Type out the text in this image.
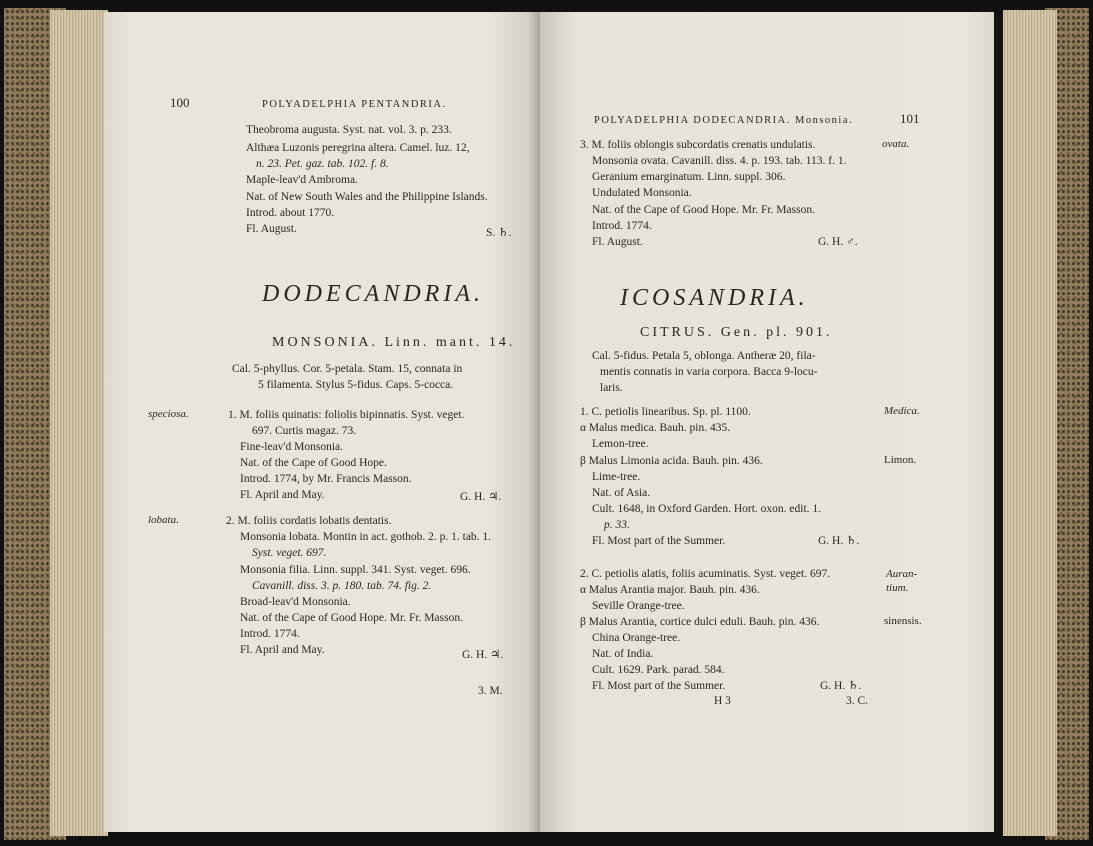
100	POLYADELPHIA PENTANDRIA.
Theobroma augusta. Syst. nat. vol. 3. p. 233.
Althæa Luzonis peregrina altera. Camel. luz. 12,
n. 23. Pet. gaz. tab. 102. f. 8.
Maple-leav'd Ambroma.
Nat. of New South Wales and the Philippine Islands.
Introd. about 1770.
Fl. August.	S. ♄.
DODECANDRIA.
MONSONIA. Linn. mant. 14.
Cal. 5-phyllus. Cor. 5-petala. Stam. 15, connata in
5 filamenta. Stylus 5-fidus. Caps. 5-cocca.
speciosa.	1. M. foliis quinatis: foliolis bipinnatis. Syst. veget.
697. Curtis magaz. 73.
Fine-leav'd Monsonia.
Nat. of the Cape of Good Hope.
Introd. 1774, by Mr. Francis Masson.
Fl. April and May.	G. H. ♃.
lobata.	2. M. foliis cordatis lobatis dentatis.
Monsonia lobata. Montin in act. gothob. 2. p. 1. tab. 1.
Syst. veget. 697.
Monsonia filia. Linn. suppl. 341. Syst. veget. 696.
Cavanill. diss. 3. p. 180. tab. 74. fig. 2.
Broad-leav'd Monsonia.
Nat. of the Cape of Good Hope. Mr. Fr. Masson.
Introd. 1774.
Fl. April and May.	G. H. ♃.
3. M.
POLYADELPHIA DODECANDRIA. Monsonia.	101
ovata.
3. M. foliis oblongis subcordatis crenatis undulatis.
Monsonia ovata. Cavanill. diss. 4. p. 193. tab. 113. f. 1.
Geranium emarginatum. Linn. suppl. 306.
Undulated Monsonia.
Nat. of the Cape of Good Hope. Mr. Fr. Masson.
Introd. 1774.
Fl. August.	G. H. ♂.
ICOSANDRIA.
CITRUS. Gen. pl. 901.
Cal. 5-fidus. Petala 5, oblonga. Antheræ 20, fila-
mentis connatis in varia corpora. Bacca 9-locu-
laris.
Medica.
1. C. petiolis linearibus. Sp. pl. 1100.
α Malus medica. Bauh. pin. 435.
Lemon-tree.
Limon.
β Malus Limonia acida. Bauh. pin. 436.
Lime-tree.
Nat. of Asia.
Cult. 1648, in Oxford Garden. Hort. oxon. edit. 1.
p. 33.
Fl. Most part of the Summer.	G. H. ♄.
Auran-
tium.
2. C. petiolis alatis, foliis acuminatis. Syst. veget. 697.
α Malus Arantia major. Bauh. pin. 436.
Seville Orange-tree.
sinensis.
β Malus Arantia, cortice dulci eduli. Bauh. pin. 436.
China Orange-tree.
Nat. of India.
Cult. 1629. Park. parad. 584.
Fl. Most part of the Summer.	G. H. ♄.
H 3	3. C.
